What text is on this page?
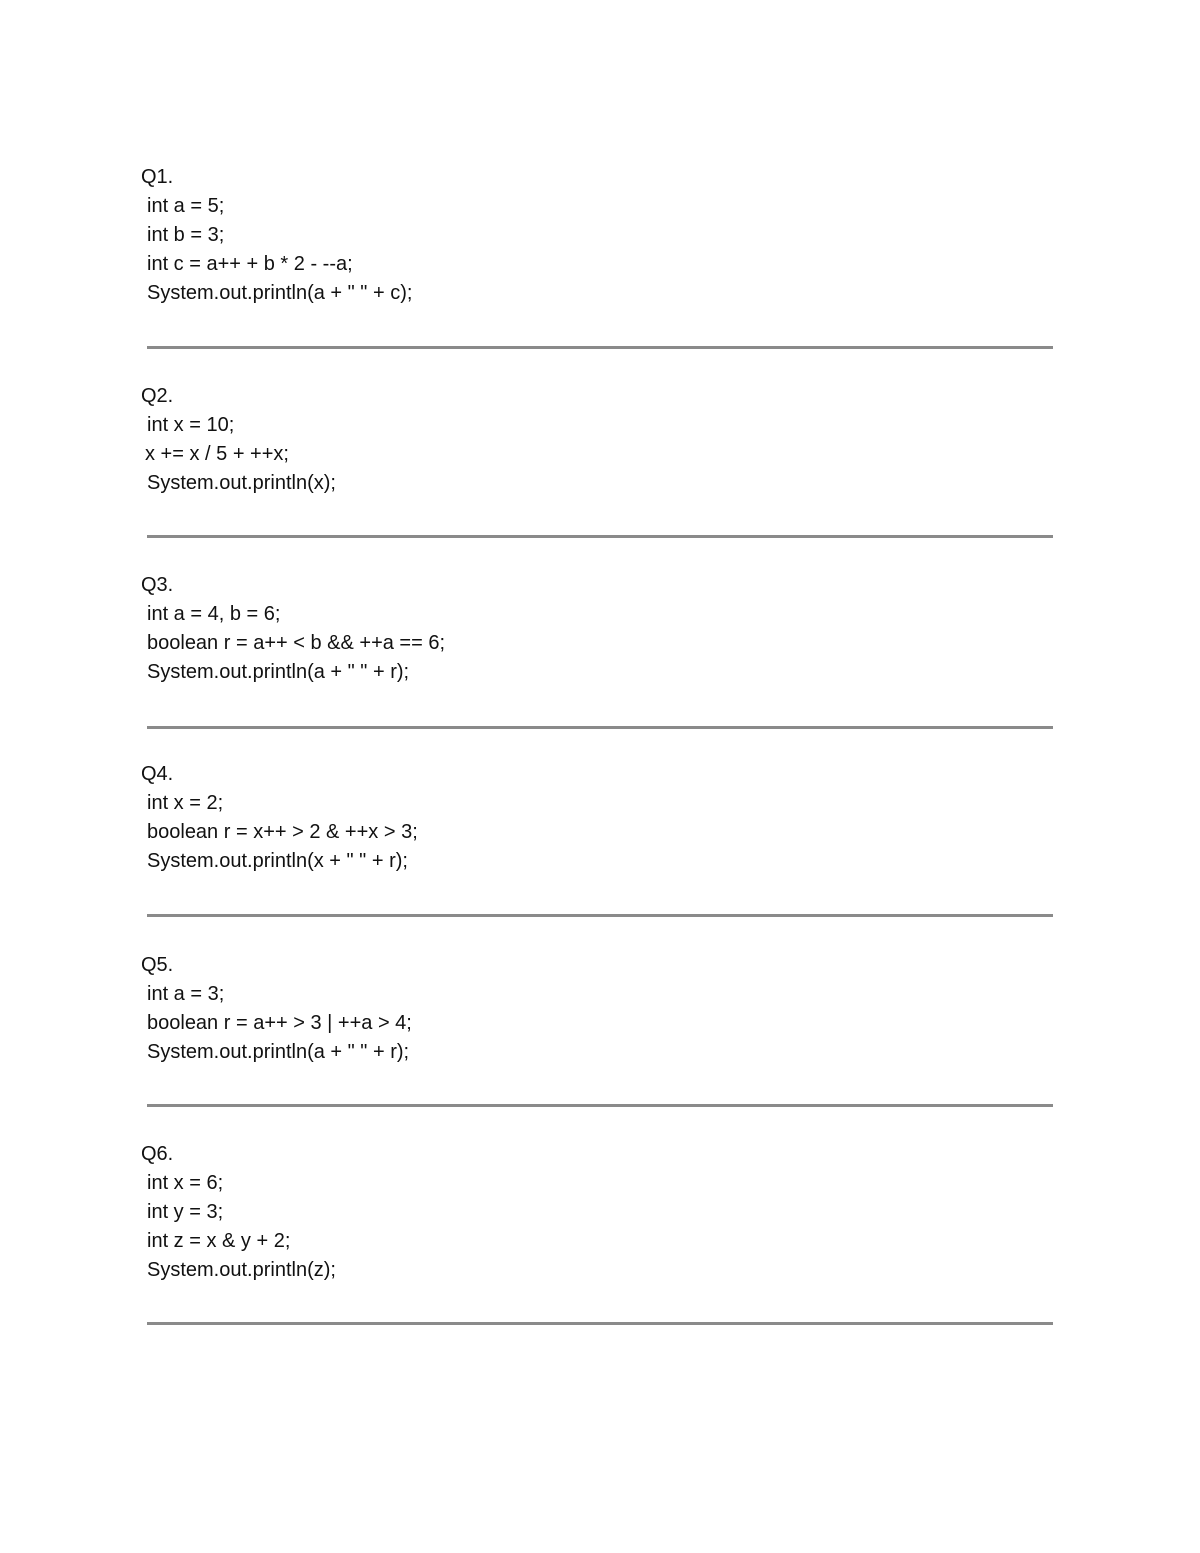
Q1.
int a = 5;
int b = 3;
int c = a++ + b * 2 - --a;
System.out.println(a + " " + c);
Q2.
int x = 10;
x += x / 5 + ++x;
System.out.println(x);
Q3.
int a = 4, b = 6;
boolean r = a++ < b && ++a == 6;
System.out.println(a + " " + r);
Q4.
int x = 2;
boolean r = x++ > 2 & ++x > 3;
System.out.println(x + " " + r);
Q5.
int a = 3;
boolean r = a++ > 3 | ++a > 4;
System.out.println(a + " " + r);
Q6.
int x = 6;
int y = 3;
int z = x & y + 2;
System.out.println(z);
